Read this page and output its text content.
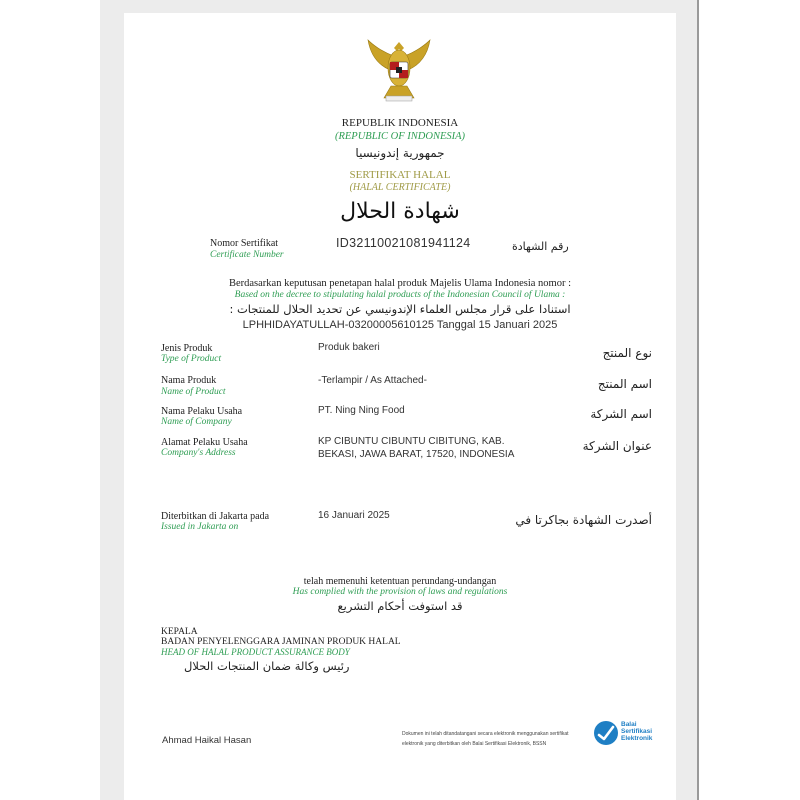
REPUBLIK INDONESIA
(REPUBLIC OF INDONESIA)
جمهورية إندونيسيا
SERTIFIKAT HALAL
(HALAL CERTIFICATE)
شهادة الحلال
Nomor Sertifikat
Certificate Number
ID32110021081941124	رقم الشهادة
Berdasarkan keputusan penetapan halal produk Majelis Ulama Indonesia nomor :
Based on the decree to stipulating halal products of the Indonesian Council of Ulama :
استنادا على قرار مجلس العلماء الإندونيسي عن تحديد الحلال للمنتجات :
LPHHIDAYATULLAH-03200005610125 Tanggal 15 Januari 2025
Jenis Produk
Type of Product
Produk bakeri	نوع المنتج
Nama Produk
Name of Product
-Terlampir / As Attached-	اسم المنتج
Nama Pelaku Usaha
Name of Company
PT. Ning Ning Food	اسم الشركة
Alamat Pelaku Usaha
Company's Address
KP CIBUNTU CIBUNTU CIBITUNG, KAB.
BEKASI, JAWA BARAT, 17520, INDONESIA
عنوان الشركة
Diterbitkan di Jakarta pada
Issued in Jakarta on
16 Januari 2025	أصدرت الشهادة بجاكرتا في
telah memenuhi ketentuan perundang-undangan
Has complied with the provision of laws and regulations
قد استوفت أحكام التشريع
KEPALA
BADAN PENYELENGGARA JAMINAN PRODUK HALAL
HEAD OF HALAL PRODUCT ASSURANCE BODY
رئيس وكالة ضمان المنتجات الحلال
Ahmad Haikal Hasan
Dokumen ini telah ditandatangani secara elektronik menggunakan sertifikat
elektronik yang diterbitkan oleh Balai Sertifikasi Elektronik, BSSN
Balai
Sertifikasi
Elektronik
